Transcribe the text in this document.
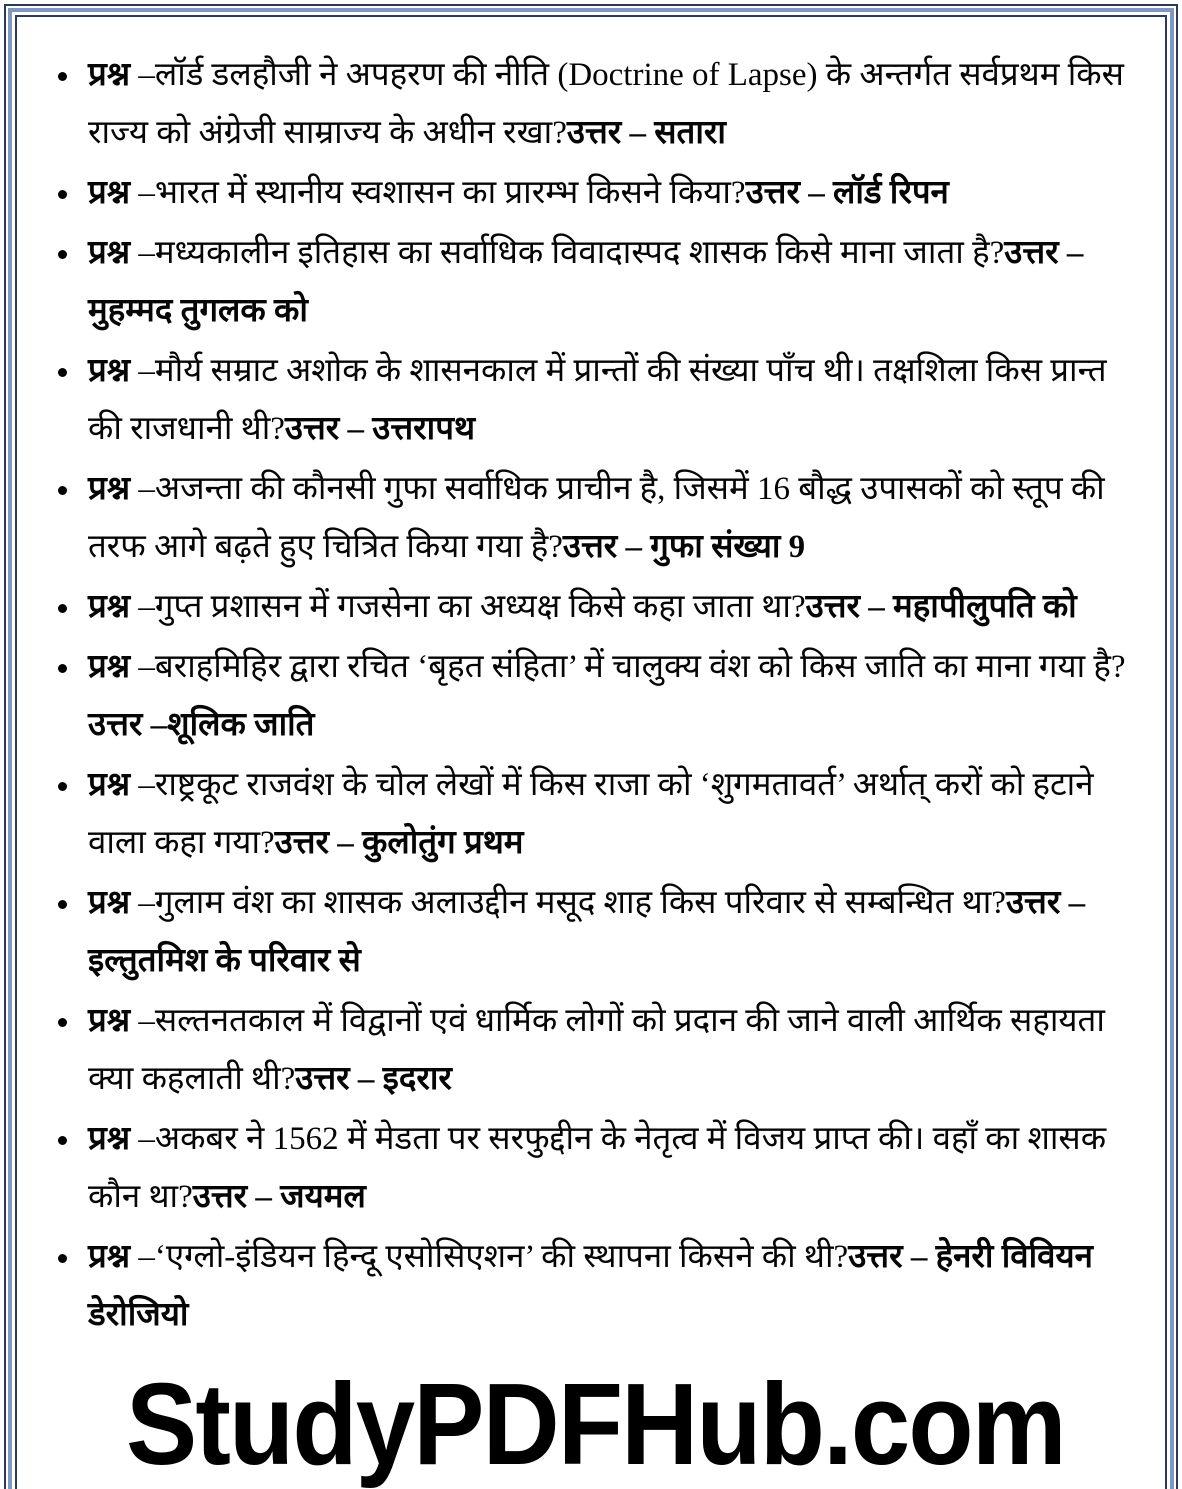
प्रश्न –लॉर्ड डलहौजी ने अपहरण की नीति (Doctrine of Lapse) के अन्तर्गत सर्वप्रथम किस राज्य को अंग्रेजी साम्राज्य के अधीन रखा?उत्तर – सतारा
प्रश्न –भारत में स्थानीय स्वशासन का प्रारम्भ किसने किया?उत्तर – लॉर्ड रिपन
प्रश्न –मध्यकालीन इतिहास का सर्वाधिक विवादास्पद शासक किसे माना जाता है?उत्तर – मुहम्मद तुगलक को
प्रश्न –मौर्य सम्राट अशोक के शासनकाल में प्रान्तों की संख्या पाँच थी। तक्षशिला किस प्रान्त की राजधानी थी?उत्तर – उत्तरापथ
प्रश्न –अजन्ता की कौनसी गुफा सर्वाधिक प्राचीन है, जिसमें 16 बौद्ध उपासकों को स्तूप की तरफ आगे बढ़ते हुए चित्रित किया गया है?उत्तर – गुफा संख्या 9
प्रश्न –गुप्त प्रशासन में गजसेना का अध्यक्ष किसे कहा जाता था?उत्तर – महापीलुपति को
प्रश्न –बराहमिहिर द्वारा रचित ‘बृहत संहिता’ में चालुक्य वंश को किस जाति का माना गया है?उत्तर –शूलिक जाति
प्रश्न –राष्ट्रकूट राजवंश के चोल लेखों में किस राजा को ‘शुगमतावर्त’ अर्थात् करों को हटाने वाला कहा गया?उत्तर – कुलोतुंग प्रथम
प्रश्न –गुलाम वंश का शासक अलाउद्दीन मसूद शाह किस परिवार से सम्बन्धित था?उत्तर – इल्तुतमिश के परिवार से
प्रश्न –सल्तनतकाल में विद्वानों एवं धार्मिक लोगों को प्रदान की जाने वाली आर्थिक सहायता क्या कहलाती थी?उत्तर – इदरार
प्रश्न –अकबर ने 1562 में मेडता पर सरफुद्दीन के नेतृत्व में विजय प्राप्त की। वहाँ का शासक कौन था?उत्तर – जयमल
प्रश्न –‘एग्लो-इंडियन हिन्दू एसोसिएशन’ की स्थापना किसने की थी?उत्तर – हेनरी विवियन डेरोजियो
StudyPDFHub.com
